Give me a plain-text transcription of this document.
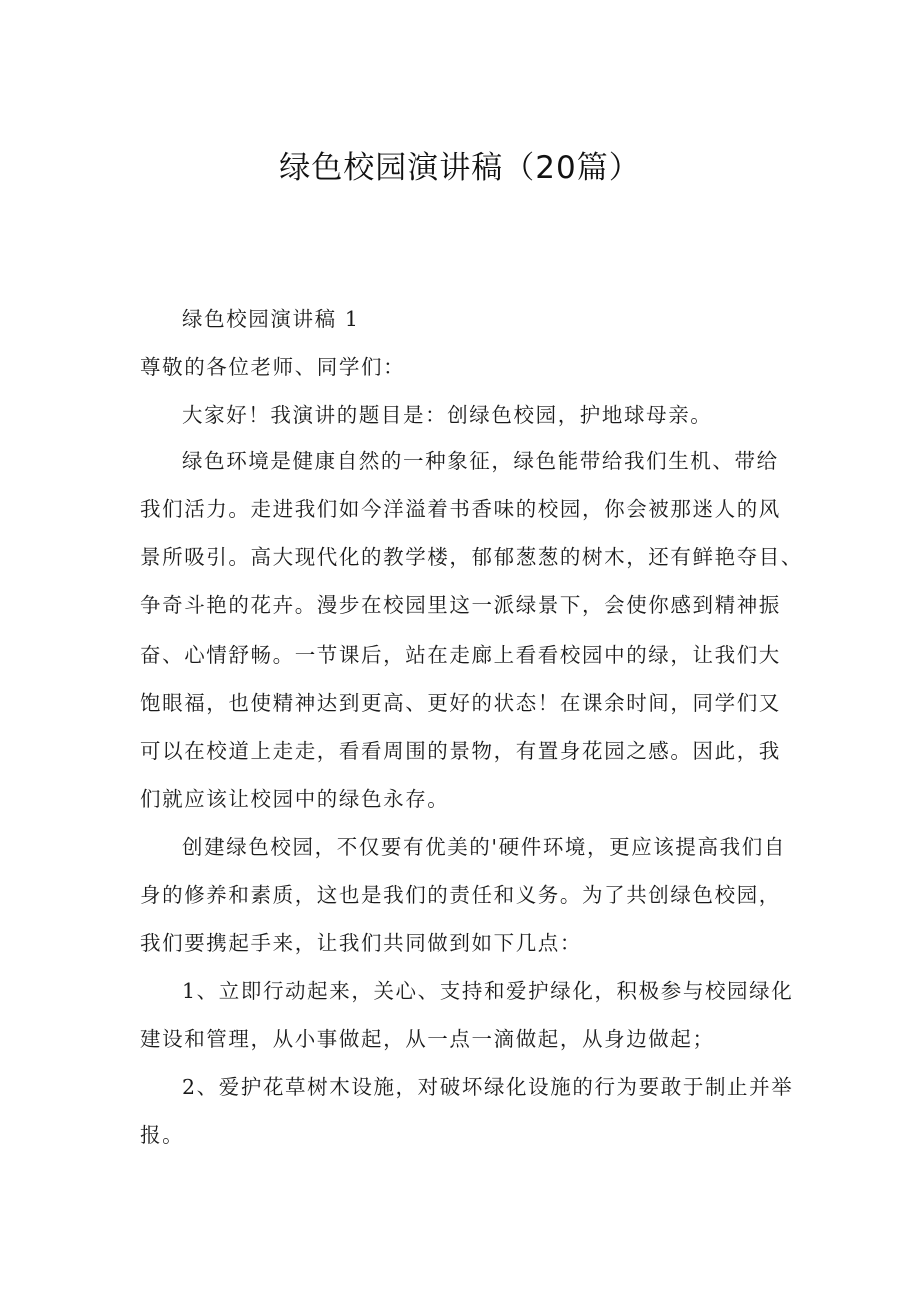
绿色校园演讲稿（20篇）
绿色校园演讲稿 1
尊敬的各位老师、同学们：
大家好！我演讲的题目是：创绿色校园，护地球母亲。
绿色环境是健康自然的一种象征，绿色能带给我们生机、带给
我们活力。走进我们如今洋溢着书香味的校园，你会被那迷人的风
景所吸引。高大现代化的教学楼，郁郁葱葱的树木，还有鲜艳夺目、
争奇斗艳的花卉。漫步在校园里这一派绿景下，会使你感到精神振
奋、心情舒畅。一节课后，站在走廊上看看校园中的绿，让我们大
饱眼福，也使精神达到更高、更好的状态！在课余时间，同学们又
可以在校道上走走，看看周围的景物，有置身花园之感。因此，我
们就应该让校园中的绿色永存。
创建绿色校园，不仅要有优美的'硬件环境，更应该提高我们自
身的修养和素质，这也是我们的责任和义务。为了共创绿色校园，
我们要携起手来，让我们共同做到如下几点：
1、立即行动起来，关心、支持和爱护绿化，积极参与校园绿化
建设和管理，从小事做起，从一点一滴做起，从身边做起；
2、爱护花草树木设施，对破坏绿化设施的行为要敢于制止并举
报。
